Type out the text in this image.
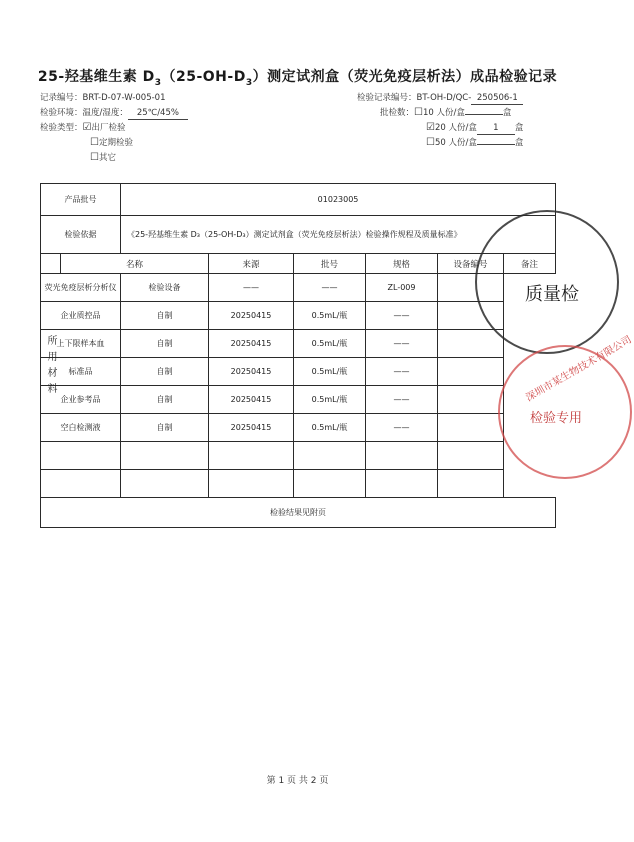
25-羟基维生素 $D_3(25-OH-D_3)$测定试剂盒（荧光免疫层析法）成品检验记录
记录编号：BRT-D-07-W-005-01
检验环境：温度/湿度： 25℃/45%
检验类型：☑出厂检验
☐定期检验
☐其它
检验记录编号：BT-OH-D/QC- 250506-1
批检数：☐10 人份/盒	盒
☑20 人份/盒 1 盒
☐50 人份/盒	盒
产品批号		01023005					
检验依据		《25-羟基维生素 D₃（25-OH-D₃）测定试剂盒（荧光免疫层析法）检验操作规程及质量标准》					
	名称		来源	批号	规格	设备编号	备注
荧光免疫层析分析仪		检验设备	——	——	ZL-009		
企业质控品		自制	20250415	0.5mL/瓶	——		
上下限样本血		自制	20250415	0.5mL/瓶	——		
标准品		自制	20250415	0.5mL/瓶	——		
企业参考品		自制	20250415	0.5mL/瓶	——		
空白检测液		自制	20250415	0.5mL/瓶	——		

检验结果见附页							
所用材料
质量检
深圳市某生物技术有限公司
检验专用
第 1 页 共 2 页
